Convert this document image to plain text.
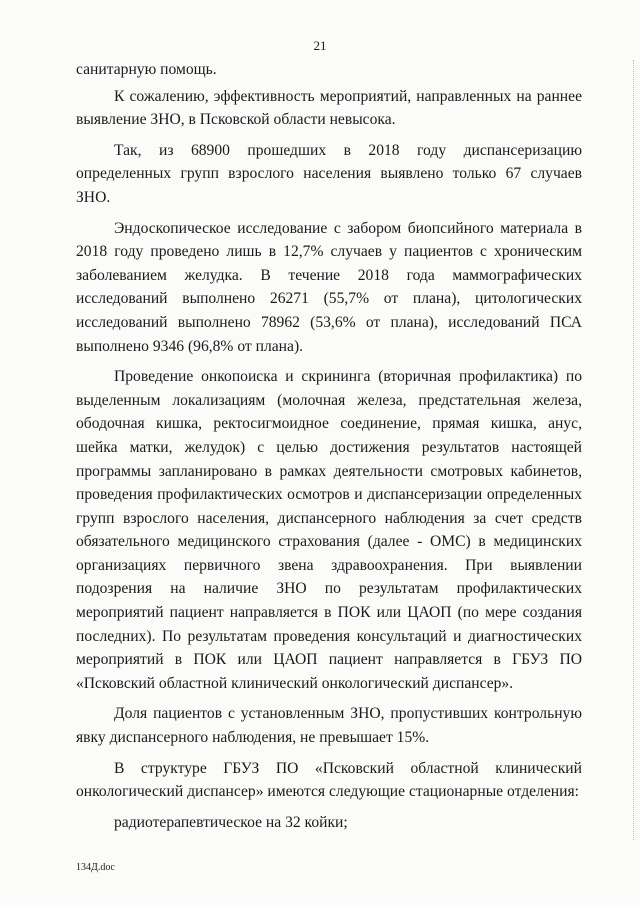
21

санитарную помощь.

К сожалению, эффективность мероприятий, направленных на раннее выявление ЗНО, в Псковской области невысока.

Так, из 68900 прошедших в 2018 году диспансеризацию определенных групп взрослого населения выявлено только 67 случаев ЗНО.

Эндоскопическое исследование с забором биопсийного материала в 2018 году проведено лишь в 12,7% случаев у пациентов с хроническим заболеванием желудка. В течение 2018 года маммографических исследований выполнено 26271 (55,7% от плана), цитологических исследований выполнено 78962 (53,6% от плана), исследований ПСА выполнено 9346 (96,8% от плана).

Проведение онкопоиска и скрининга (вторичная профилактика) по выделенным локализациям (молочная железа, предстательная железа, ободочная кишка, ректосигмоидное соединение, прямая кишка, анус, шейка матки, желудок) с целью достижения результатов настоящей программы запланировано в рамках деятельности смотровых кабинетов, проведения профилактических осмотров и диспансеризации определенных групп взрослого населения, диспансерного наблюдения за счет средств обязательного медицинского страхования (далее - ОМС) в медицинских организациях первичного звена здравоохранения. При выявлении подозрения на наличие ЗНО по результатам профилактических мероприятий пациент направляется в ПОК или ЦАОП (по мере создания последних). По результатам проведения консультаций и диагностических мероприятий в ПОК или ЦАОП пациент направляется в ГБУЗ ПО «Псковский областной клинический онкологический диспансер».

Доля пациентов с установленным ЗНО, пропустивших контрольную явку диспансерного наблюдения, не превышает 15%.

В структуре ГБУЗ ПО «Псковский областной клинический онкологический диспансер» имеются следующие стационарные отделения:

радиотерапевтическое на 32 койки;

134Д.doc
